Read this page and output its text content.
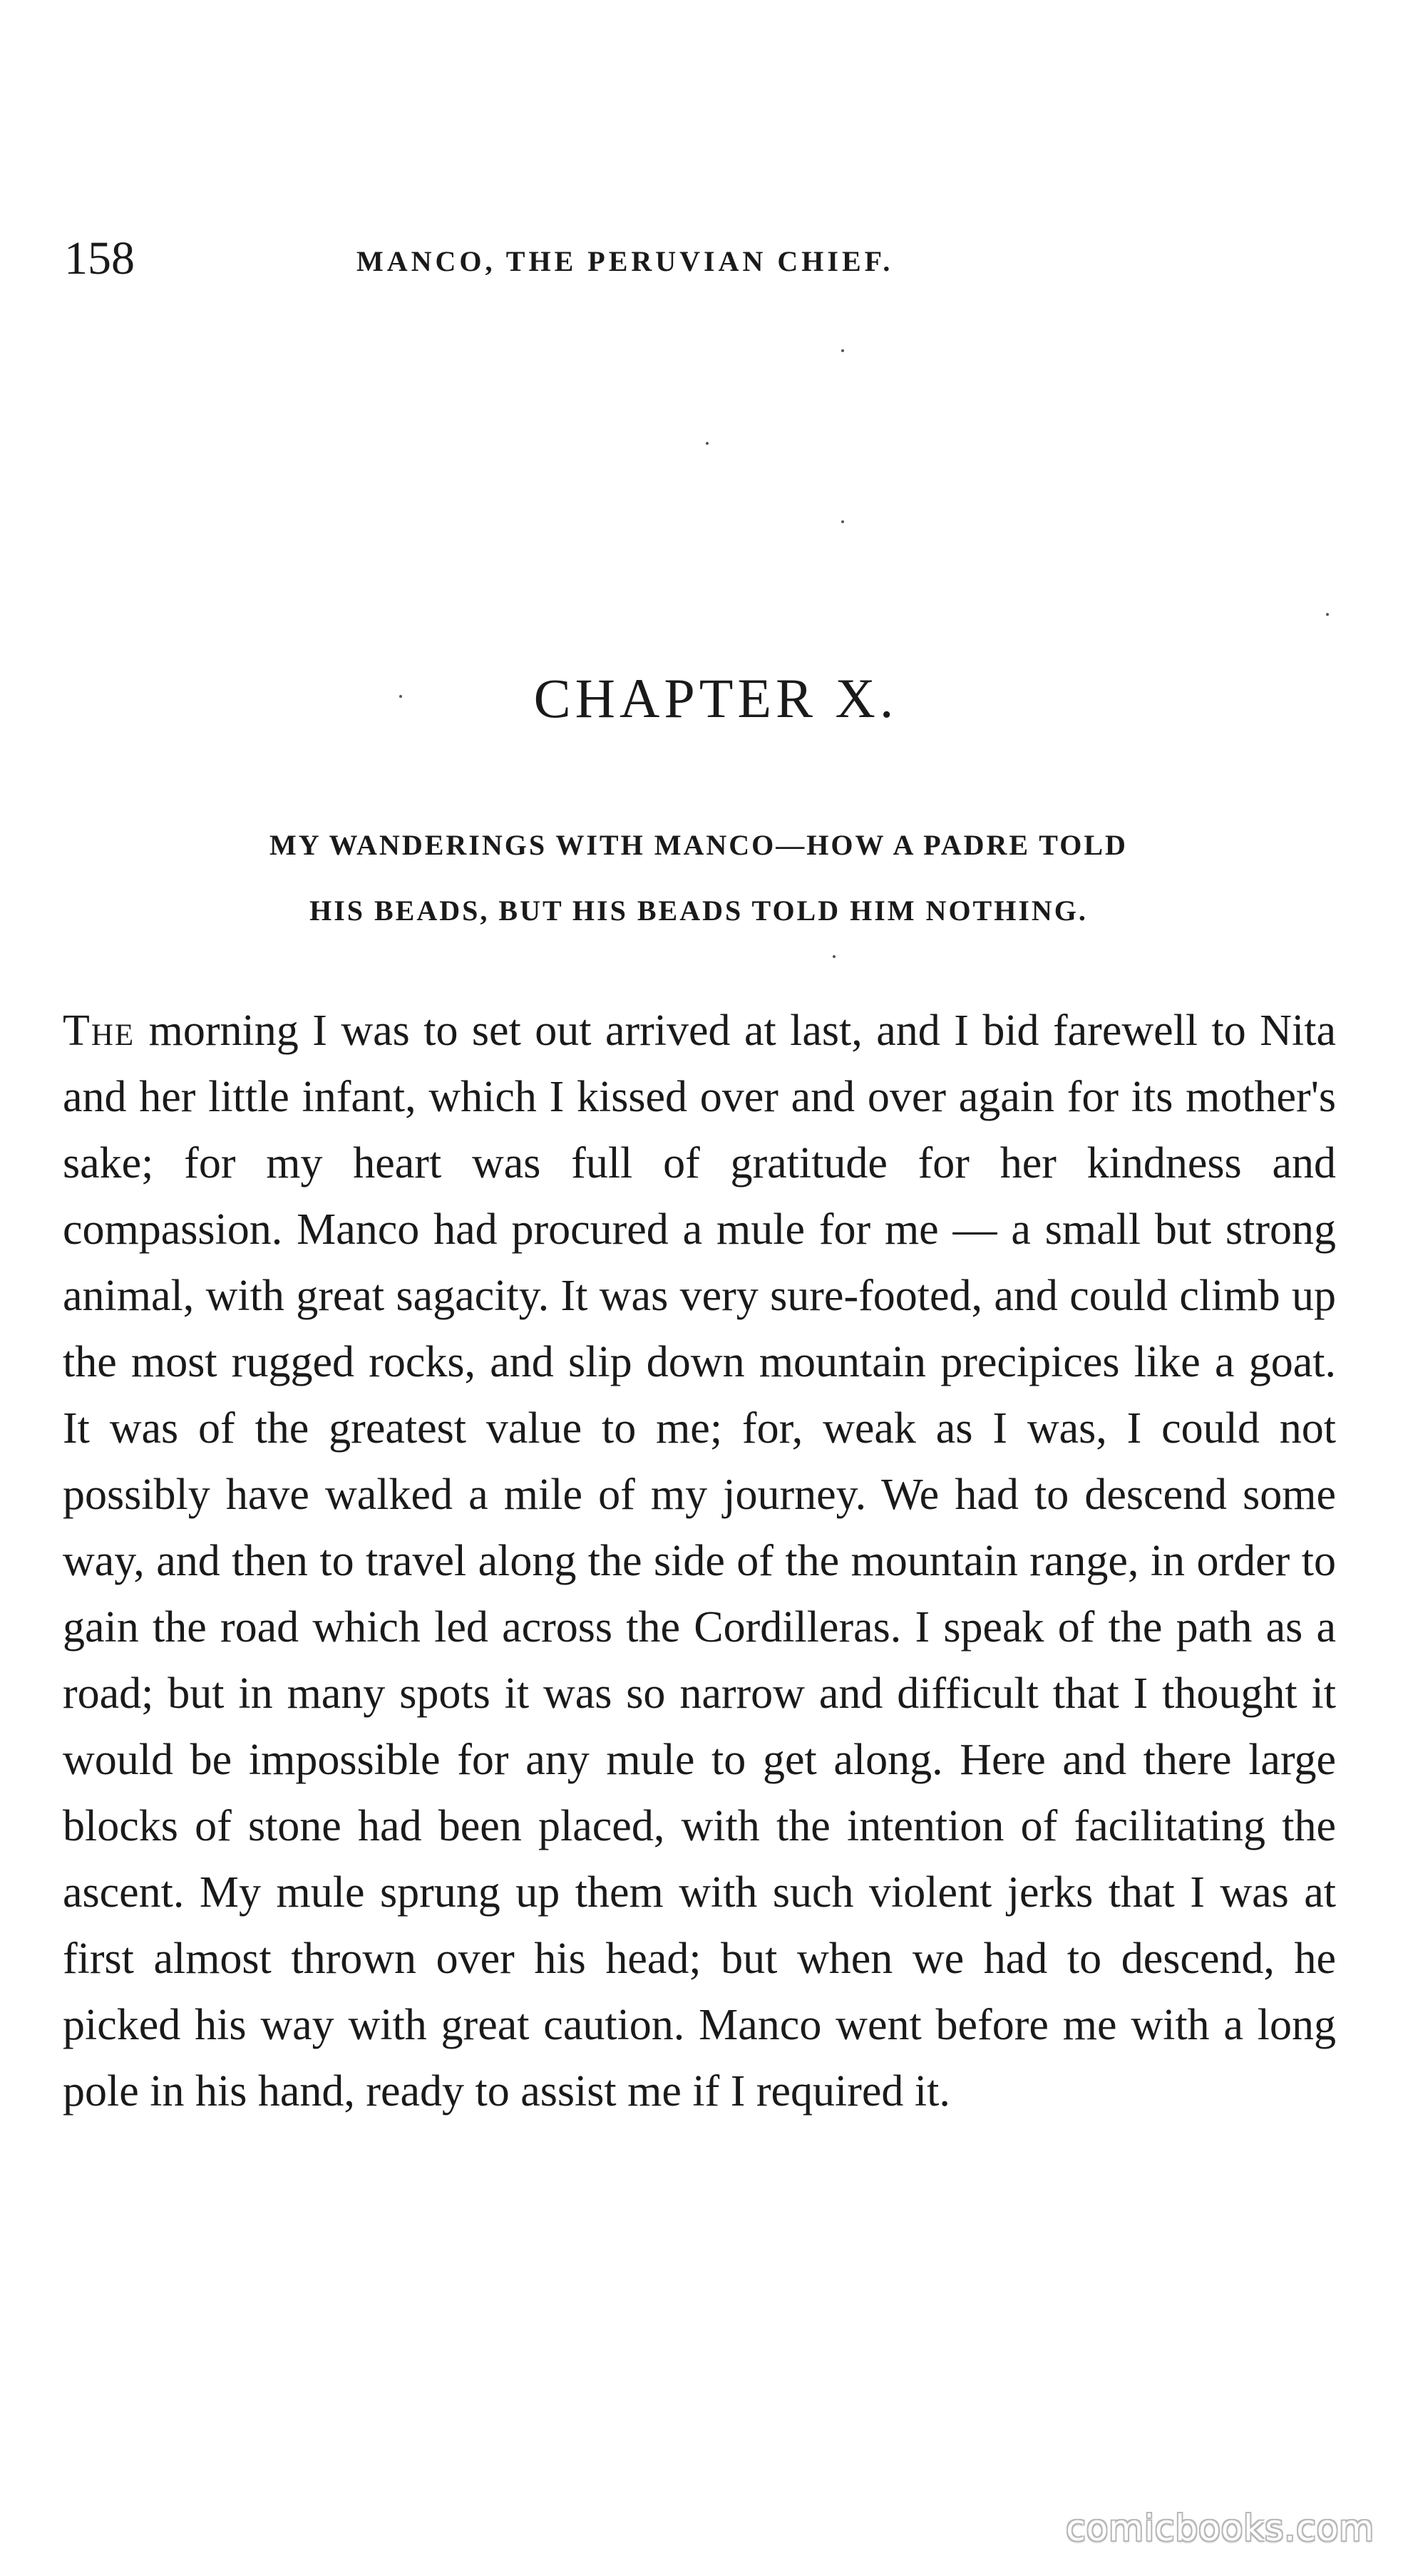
158	MANCO, THE PERUVIAN CHIEF.
CHAPTER X.
MY WANDERINGS WITH MANCO—HOW A PADRE TOLD
HIS BEADS, BUT HIS BEADS TOLD HIM NOTHING.
The morning I was to set out arrived at last, and I bid farewell to Nita and her little infant, which I kissed over and over again for its mother's sake; for my heart was full of gratitude for her kindness and compassion. Manco had procured a mule for me — a small but strong animal, with great sagacity. It was very sure-footed, and could climb up the most rugged rocks, and slip down mountain precipices like a goat. It was of the greatest value to me; for, weak as I was, I could not possibly have walked a mile of my journey. We had to descend some way, and then to travel along the side of the mountain range, in order to gain the road which led across the Cordilleras. I speak of the path as a road; but in many spots it was so narrow and difficult that I thought it would be impossible for any mule to get along. Here and there large blocks of stone had been placed, with the intention of facilitating the ascent. My mule sprung up them with such violent jerks that I was at first almost thrown over his head; but when we had to descend, he picked his way with great caution. Manco went before me with a long pole in his hand, ready to assist me if I required it.
comicbooks.com
